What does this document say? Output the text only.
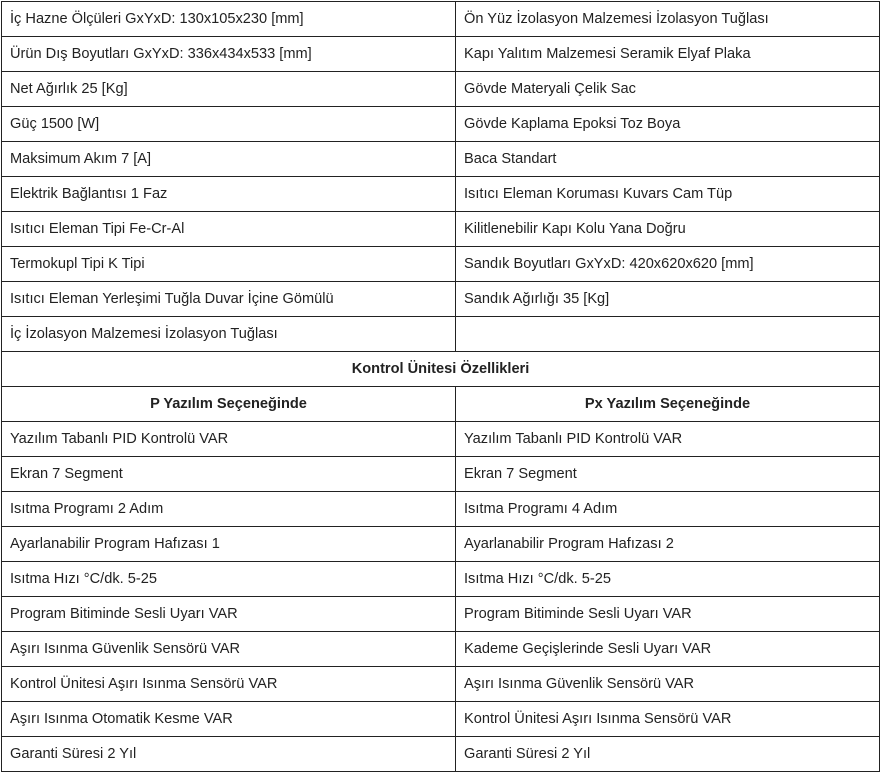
İç Hazne Ölçüleri GxYxD: 130x105x230 [mm]	Ön Yüz İzolasyon Malzemesi İzolasyon Tuğlası
Ürün Dış Boyutları GxYxD: 336x434x533 [mm]	Kapı Yalıtım Malzemesi Seramik Elyaf Plaka
Net Ağırlık 25 [Kg]	Gövde Materyali Çelik Sac
Güç 1500 [W]	Gövde Kaplama Epoksi Toz Boya
Maksimum Akım 7 [A]	Baca Standart
Elektrik Bağlantısı 1 Faz	Isıtıcı Eleman Koruması Kuvars Cam Tüp
Isıtıcı Eleman Tipi Fe-Cr-Al	Kilitlenebilir Kapı Kolu Yana Doğru
Termokupl Tipi K Tipi	Sandık Boyutları GxYxD: 420x620x620 [mm]
Isıtıcı Eleman Yerleşimi Tuğla Duvar İçine Gömülü	Sandık Ağırlığı 35 [Kg]
İç İzolasyon Malzemesi İzolasyon Tuğlası	
Kontrol Ünitesi Özellikleri	
P Yazılım Seçeneğinde	Px Yazılım Seçeneğinde
Yazılım Tabanlı PID Kontrolü VAR	Yazılım Tabanlı PID Kontrolü VAR
Ekran 7 Segment	Ekran 7 Segment
Isıtma Programı 2 Adım	Isıtma Programı 4 Adım
Ayarlanabilir Program Hafızası 1	Ayarlanabilir Program Hafızası 2
Isıtma Hızı °C/dk. 5-25	Isıtma Hızı °C/dk. 5-25
Program Bitiminde Sesli Uyarı VAR	Program Bitiminde Sesli Uyarı VAR
Aşırı Isınma Güvenlik Sensörü VAR	Kademe Geçişlerinde Sesli Uyarı VAR
Kontrol Ünitesi Aşırı Isınma Sensörü VAR	Aşırı Isınma Güvenlik Sensörü VAR
Aşırı Isınma Otomatik Kesme VAR	Kontrol Ünitesi Aşırı Isınma Sensörü VAR
Garanti Süresi 2 Yıl	Garanti Süresi 2 Yıl
